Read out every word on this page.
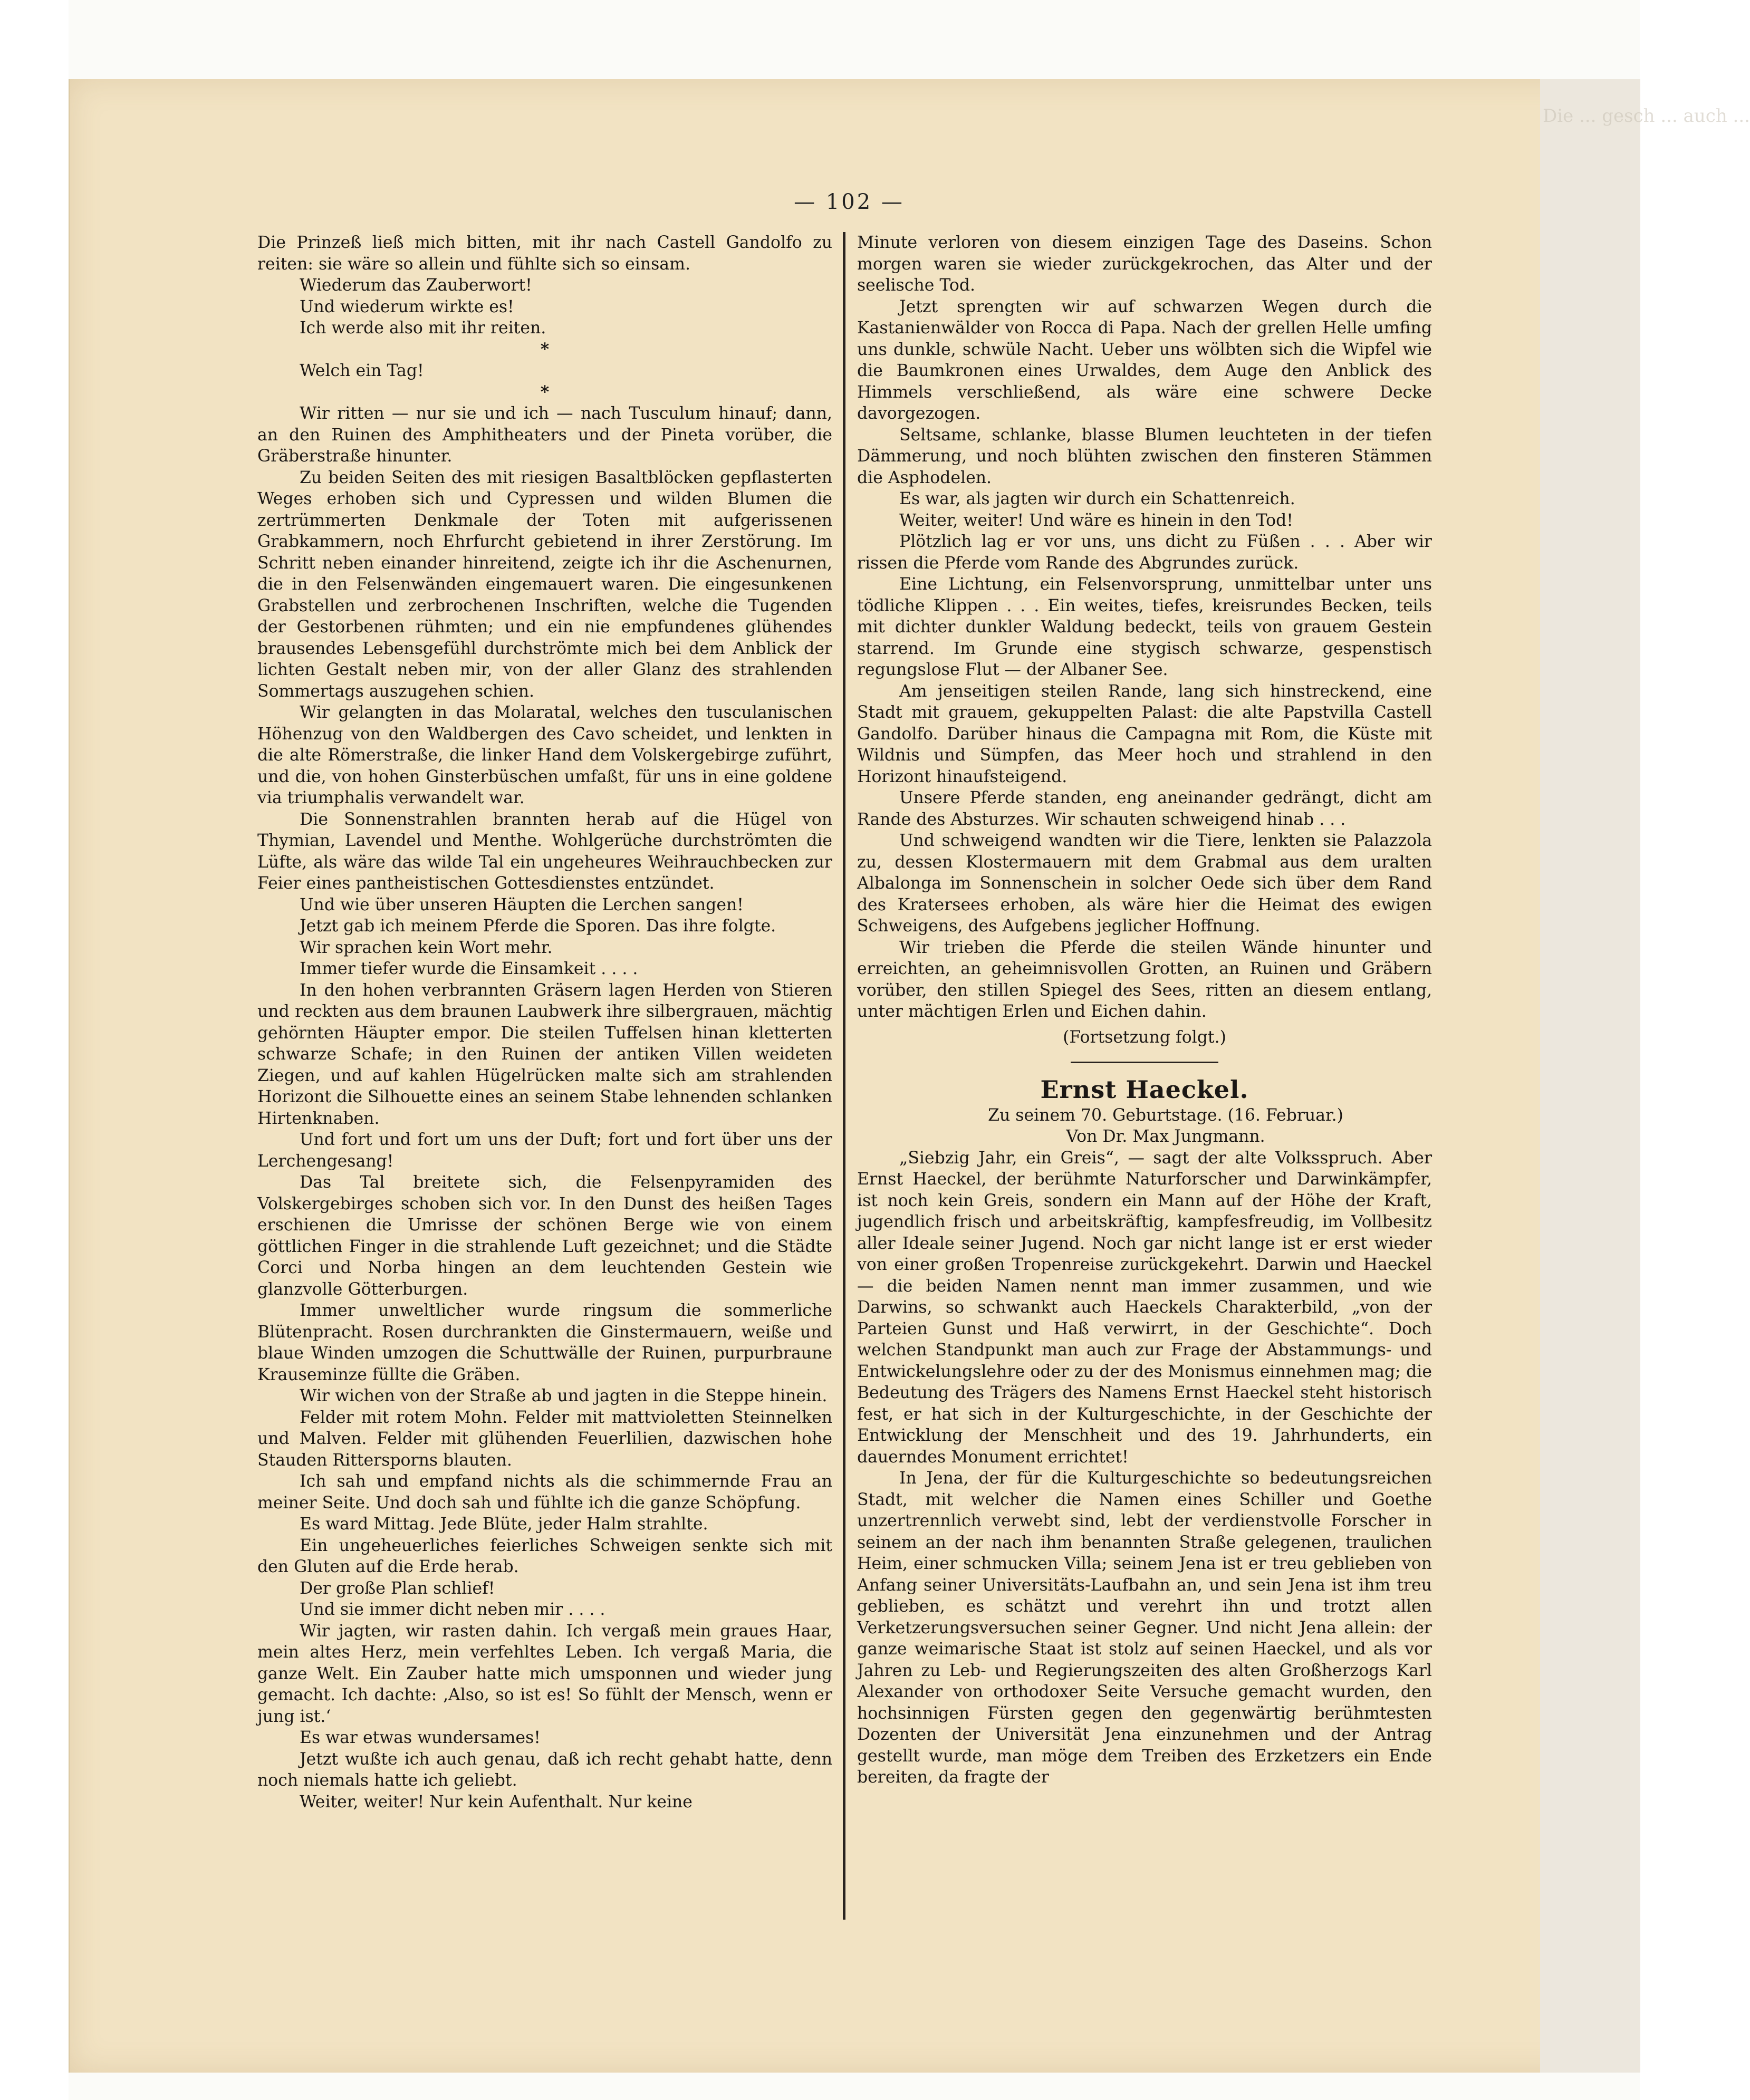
Die ... gesch ... auch ...
— 102 —

Die Prinzeß ließ mich bitten, mit ihr nach Castell Gandolfo zu reiten: sie wäre so allein und fühlte sich so einsam.

Wiederum das Zauberwort!

Und wiederum wirkte es!

Ich werde also mit ihr reiten.

*

Welch ein Tag!

*

Wir ritten — nur sie und ich — nach Tusculum hinauf; dann, an den Ruinen des Amphitheaters und der Pineta vorüber, die Gräberstraße hinunter.

Zu beiden Seiten des mit riesigen Basaltblöcken gepflasterten Weges erhoben sich und Cypressen und wilden Blumen die zertrümmerten Denkmale der Toten mit aufgerissenen Grabkammern, noch Ehrfurcht gebietend in ihrer Zerstörung. Im Schritt neben einander hinreitend, zeigte ich ihr die Aschenurnen, die in den Felsenwänden eingemauert waren. Die eingesunkenen Grabstellen und zerbrochenen Inschriften, welche die Tugenden der Gestorbenen rühmten; und ein nie empfundenes glühendes brausendes Lebensgefühl durchströmte mich bei dem Anblick der lichten Gestalt neben mir, von der aller Glanz des strahlenden Sommertags auszugehen schien.

Wir gelangten in das Molaratal, welches den tusculanischen Höhenzug von den Waldbergen des Cavo scheidet, und lenkten in die alte Römerstraße, die linker Hand dem Volskergebirge zuführt, und die, von hohen Ginsterbüschen umfaßt, für uns in eine goldene via triumphalis verwandelt war.

Die Sonnenstrahlen brannten herab auf die Hügel von Thymian, Lavendel und Menthe. Wohlgerüche durchströmten die Lüfte, als wäre das wilde Tal ein ungeheures Weihrauchbecken zur Feier eines pantheistischen Gottesdienstes entzündet.

Und wie über unseren Häupten die Lerchen sangen!

Jetzt gab ich meinem Pferde die Sporen. Das ihre folgte.

Wir sprachen kein Wort mehr.

Immer tiefer wurde die Einsamkeit . . . .

In den hohen verbrannten Gräsern lagen Herden von Stieren und reckten aus dem braunen Laubwerk ihre silbergrauen, mächtig gehörnten Häupter empor. Die steilen Tuffelsen hinan kletterten schwarze Schafe; in den Ruinen der antiken Villen weideten Ziegen, und auf kahlen Hügelrücken malte sich am strahlenden Horizont die Silhouette eines an seinem Stabe lehnenden schlanken Hirtenknaben.

Und fort und fort um uns der Duft; fort und fort über uns der Lerchengesang!

Das Tal breitete sich, die Felsenpyramiden des Volskergebirges schoben sich vor. In den Dunst des heißen Tages erschienen die Umrisse der schönen Berge wie von einem göttlichen Finger in die strahlende Luft gezeichnet; und die Städte Corci und Norba hingen an dem leuchtenden Gestein wie glanzvolle Götterburgen.

Immer unweltlicher wurde ringsum die sommerliche Blütenpracht. Rosen durchrankten die Ginstermauern, weiße und blaue Winden umzogen die Schuttwälle der Ruinen, purpurbraune Krauseminze füllte die Gräben.

Wir wichen von der Straße ab und jagten in die Steppe hinein.

Felder mit rotem Mohn. Felder mit mattvioletten Steinnelken und Malven. Felder mit glühenden Feuerlilien, dazwischen hohe Stauden Rittersporns blauten.

Ich sah und empfand nichts als die schimmernde Frau an meiner Seite. Und doch sah und fühlte ich die ganze Schöpfung.

Es ward Mittag. Jede Blüte, jeder Halm strahlte.

Ein ungeheuerliches feierliches Schweigen senkte sich mit den Gluten auf die Erde herab.

Der große Plan schlief!

Und sie immer dicht neben mir . . . .

Wir jagten, wir rasten dahin. Ich vergaß mein graues Haar, mein altes Herz, mein verfehltes Leben. Ich vergaß Maria, die ganze Welt. Ein Zauber hatte mich umsponnen und wieder jung gemacht. Ich dachte: ‚Also, so ist es! So fühlt der Mensch, wenn er jung ist.‘

Es war etwas wundersames!

Jetzt wußte ich auch genau, daß ich recht gehabt hatte, denn noch niemals hatte ich geliebt.

Weiter, weiter! Nur kein Aufenthalt. Nur keine

Minute verloren von diesem einzigen Tage des Daseins. Schon morgen waren sie wieder zurückgekrochen, das Alter und der seelische Tod.

Jetzt sprengten wir auf schwarzen Wegen durch die Kastanienwälder von Rocca di Papa. Nach der grellen Helle umfing uns dunkle, schwüle Nacht. Ueber uns wölbten sich die Wipfel wie die Baumkronen eines Urwaldes, dem Auge den Anblick des Himmels verschließend, als wäre eine schwere Decke davorgezogen.

Seltsame, schlanke, blasse Blumen leuchteten in der tiefen Dämmerung, und noch blühten zwischen den finsteren Stämmen die Asphodelen.

Es war, als jagten wir durch ein Schattenreich.

Weiter, weiter! Und wäre es hinein in den Tod!

Plötzlich lag er vor uns, uns dicht zu Füßen . . . Aber wir rissen die Pferde vom Rande des Abgrundes zurück.

Eine Lichtung, ein Felsenvorsprung, unmittelbar unter uns tödliche Klippen . . . Ein weites, tiefes, kreisrundes Becken, teils mit dichter dunkler Waldung bedeckt, teils von grauem Gestein starrend. Im Grunde eine stygisch schwarze, gespenstisch regungslose Flut — der Albaner See.

Am jenseitigen steilen Rande, lang sich hinstreckend, eine Stadt mit grauem, gekuppelten Palast: die alte Papstvilla Castell Gandolfo. Darüber hinaus die Campagna mit Rom, die Küste mit Wildnis und Sümpfen, das Meer hoch und strahlend in den Horizont hinaufsteigend.

Unsere Pferde standen, eng aneinander gedrängt, dicht am Rande des Absturzes. Wir schauten schweigend hinab . . .

Und schweigend wandten wir die Tiere, lenkten sie Palazzola zu, dessen Klostermauern mit dem Grabmal aus dem uralten Albalonga im Sonnenschein in solcher Oede sich über dem Rand des Kratersees erhoben, als wäre hier die Heimat des ewigen Schweigens, des Aufgebens jeglicher Hoffnung.

Wir trieben die Pferde die steilen Wände hinunter und erreichten, an geheimnisvollen Grotten, an Ruinen und Gräbern vorüber, den stillen Spiegel des Sees, ritten an diesem entlang, unter mächtigen Erlen und Eichen dahin.

(Fortsetzung folgt.)

Ernst Haeckel.

Zu seinem 70. Geburtstage. (16. Februar.)

Von Dr. Max Jungmann.

„Siebzig Jahr, ein Greis“, — sagt der alte Volksspruch. Aber Ernst Haeckel, der berühmte Naturforscher und Darwinkämpfer, ist noch kein Greis, sondern ein Mann auf der Höhe der Kraft, jugendlich frisch und arbeitskräftig, kampfesfreudig, im Vollbesitz aller Ideale seiner Jugend. Noch gar nicht lange ist er erst wieder von einer großen Tropenreise zurückgekehrt. Darwin und Haeckel — die beiden Namen nennt man immer zusammen, und wie Darwins, so schwankt auch Haeckels Charakterbild, „von der Parteien Gunst und Haß verwirrt, in der Geschichte“. Doch welchen Standpunkt man auch zur Frage der Abstammungs- und Entwickelungslehre oder zu der des Monismus einnehmen mag; die Bedeutung des Trägers des Namens Ernst Haeckel steht historisch fest, er hat sich in der Kulturgeschichte, in der Geschichte der Entwicklung der Menschheit und des 19. Jahrhunderts, ein dauerndes Monument errichtet!

In Jena, der für die Kulturgeschichte so bedeutungsreichen Stadt, mit welcher die Namen eines Schiller und Goethe unzertrennlich verwebt sind, lebt der verdienstvolle Forscher in seinem an der nach ihm benannten Straße gelegenen, traulichen Heim, einer schmucken Villa; seinem Jena ist er treu geblieben von Anfang seiner Universitäts-Laufbahn an, und sein Jena ist ihm treu geblieben, es schätzt und verehrt ihn und trotzt allen Verketzerungsversuchen seiner Gegner. Und nicht Jena allein: der ganze weimarische Staat ist stolz auf seinen Haeckel, und als vor Jahren zu Leb- und Regierungszeiten des alten Großherzogs Karl Alexander von orthodoxer Seite Versuche gemacht wurden, den hochsinnigen Fürsten gegen den gegenwärtig berühmtesten Dozenten der Universität Jena einzunehmen und der Antrag gestellt wurde, man möge dem Treiben des Erzketzers ein Ende bereiten, da fragte der
